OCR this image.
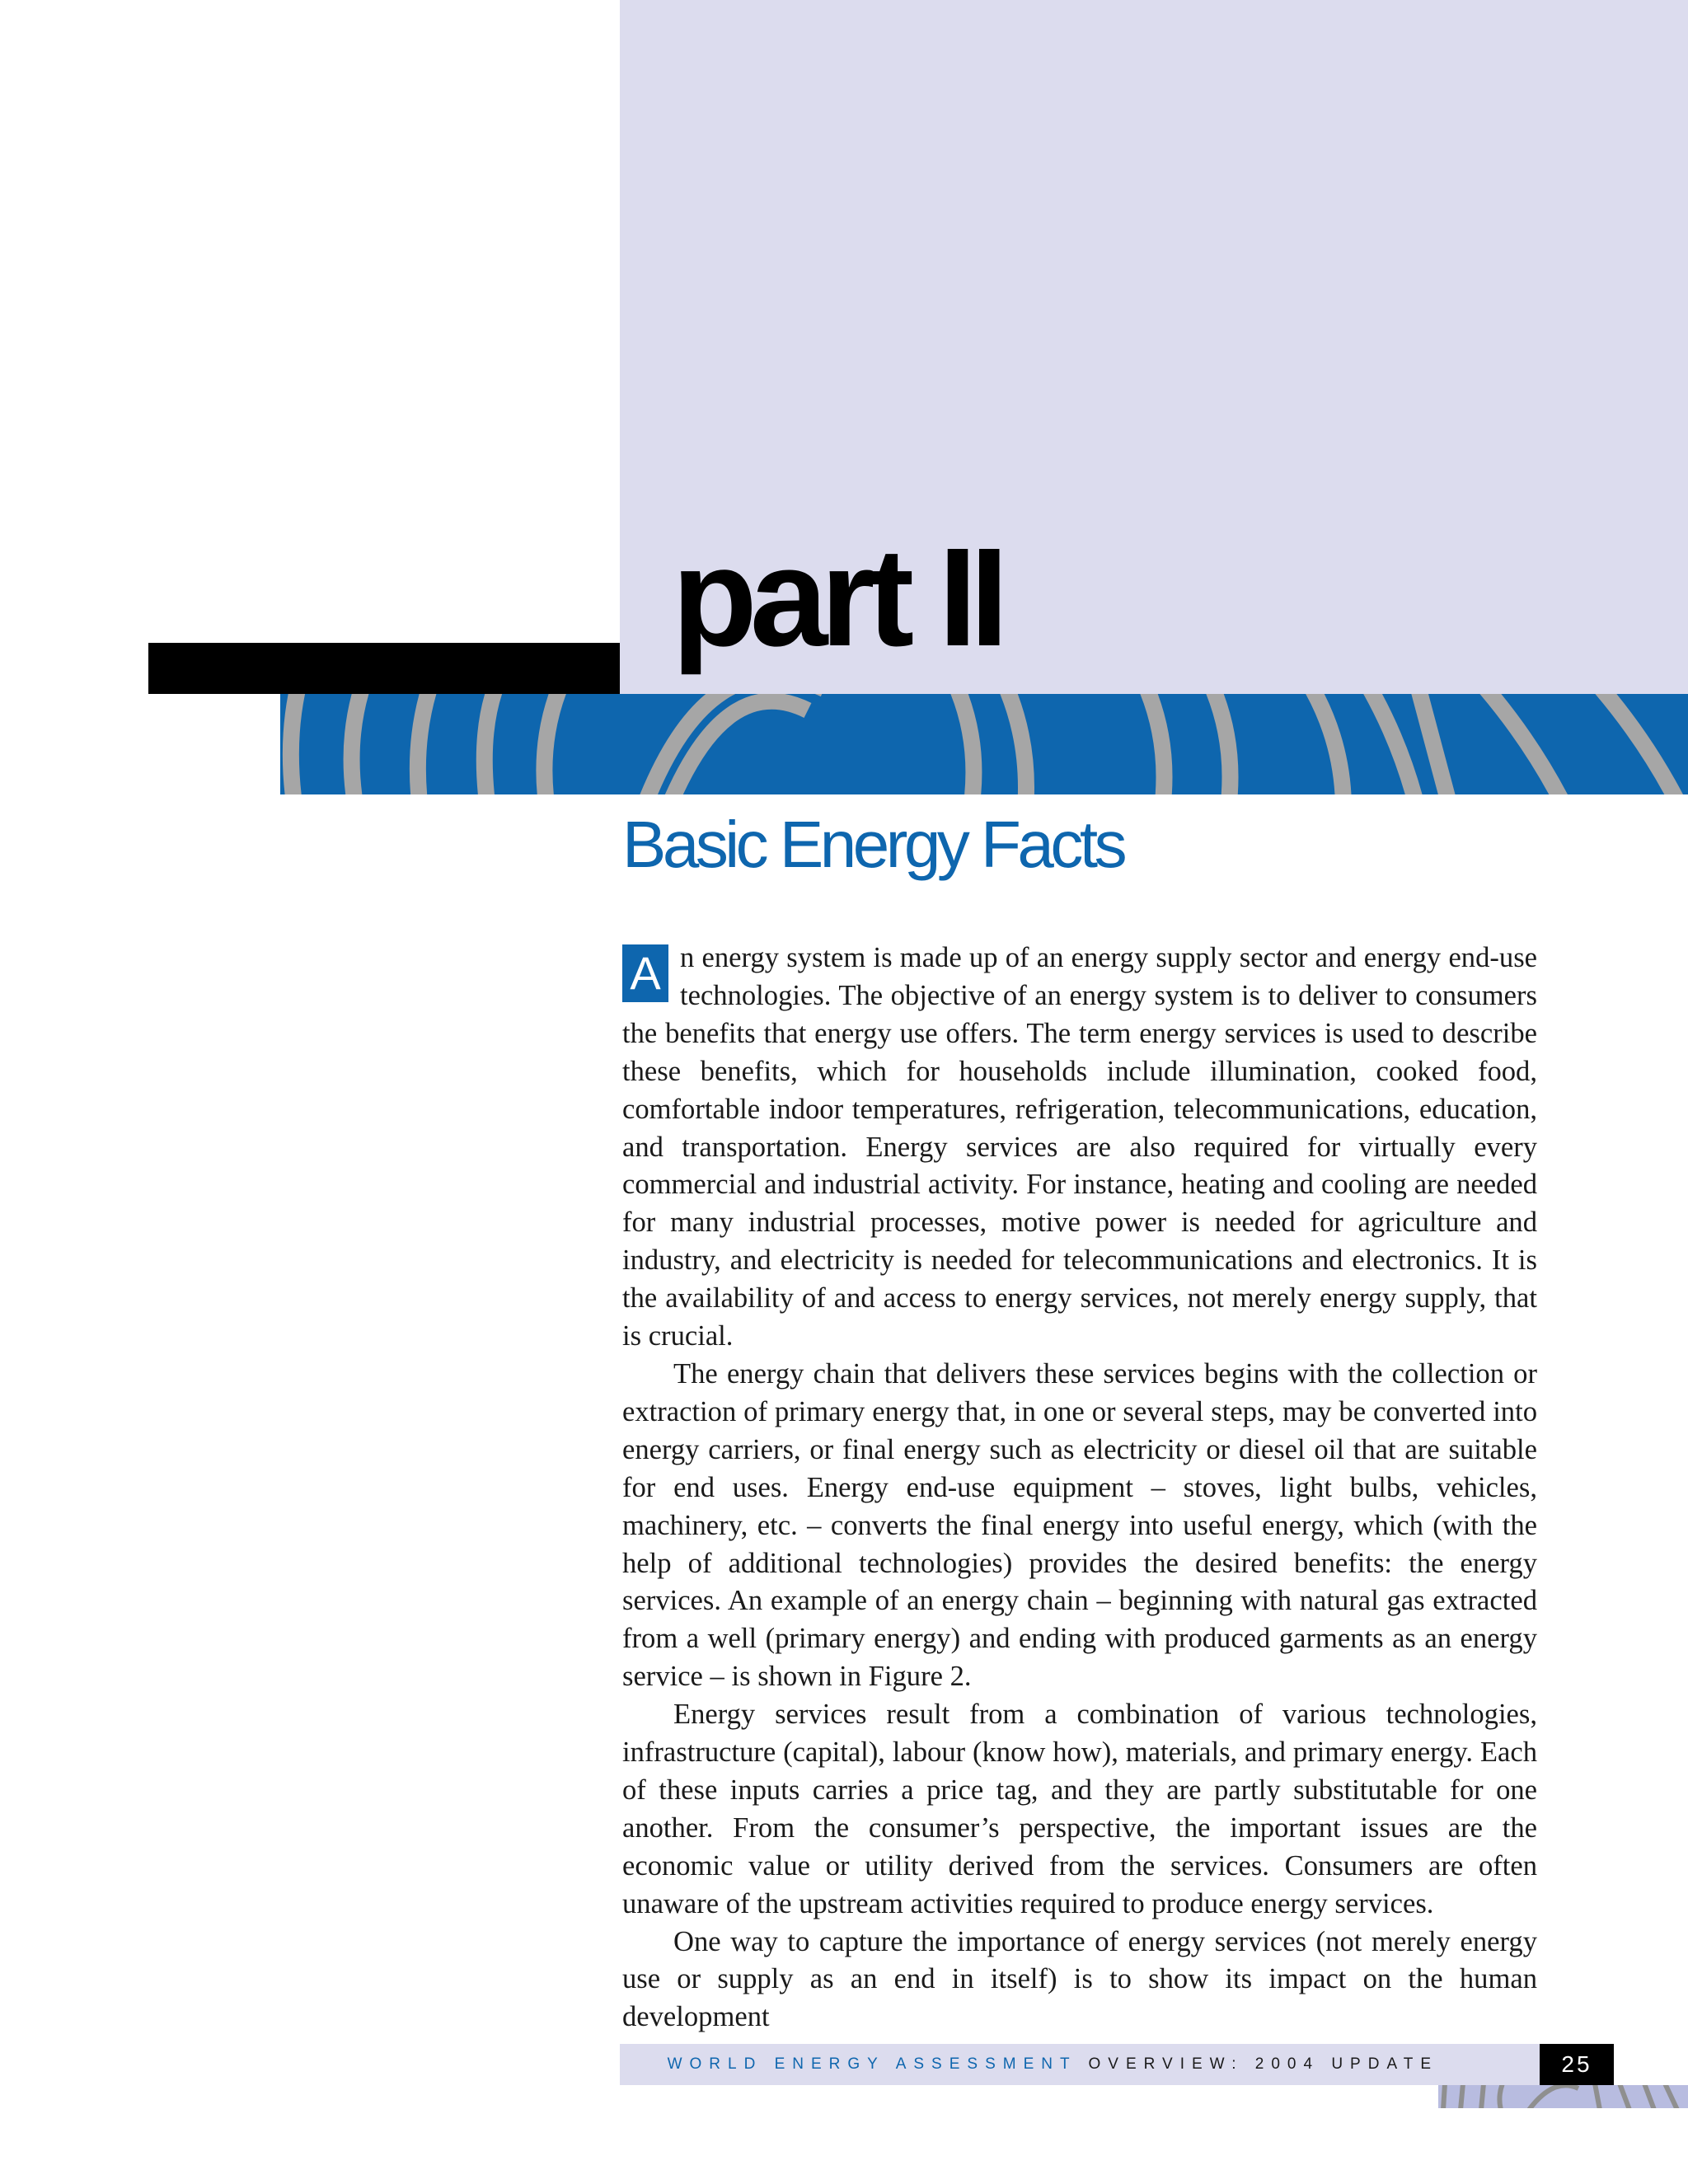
part II
Basic Energy Facts

A n energy system is made up of an energy supply sector and energy end-use technologies. The objective of an energy system is to deliver to consumers the benefits that energy use offers. The term energy services is used to describe these benefits, which for households include illumination, cooked food, comfortable indoor temperatures, refrigeration, telecommunications, education, and transportation. Energy services are also required for virtually every commercial and industrial activity. For instance, heating and cooling are needed for many industrial processes, motive power is needed for agriculture and industry, and electricity is needed for telecommunications and electronics. It is the availability of and access to energy services, not merely energy supply, that is crucial.

The energy chain that delivers these services begins with the collection or extraction of primary energy that, in one or several steps, may be converted into energy carriers, or final energy such as electricity or diesel oil that are suitable for end uses. Energy end-use equipment – stoves, light bulbs, vehicles, machinery, etc. – converts the final energy into useful energy, which (with the help of additional technologies) provides the desired benefits: the energy services. An example of an energy chain – beginning with natural gas extracted from a well (primary energy) and ending with produced garments as an energy service – is shown in Figure 2.

Energy services result from a combination of various technologies, infrastructure (capital), labour (know how), materials, and primary energy. Each of these inputs carries a price tag, and they are partly substitutable for one another. From the consumer’s perspective, the important issues are the economic value or utility derived from the services. Consumers are often unaware of the upstream activities required to produce energy services.

One way to capture the importance of energy services (not merely energy use or supply as an end in itself) is to show its impact on the human development

WORLD ENERGY ASSESSMENT OVERVIEW: 2004 UPDATE	25
